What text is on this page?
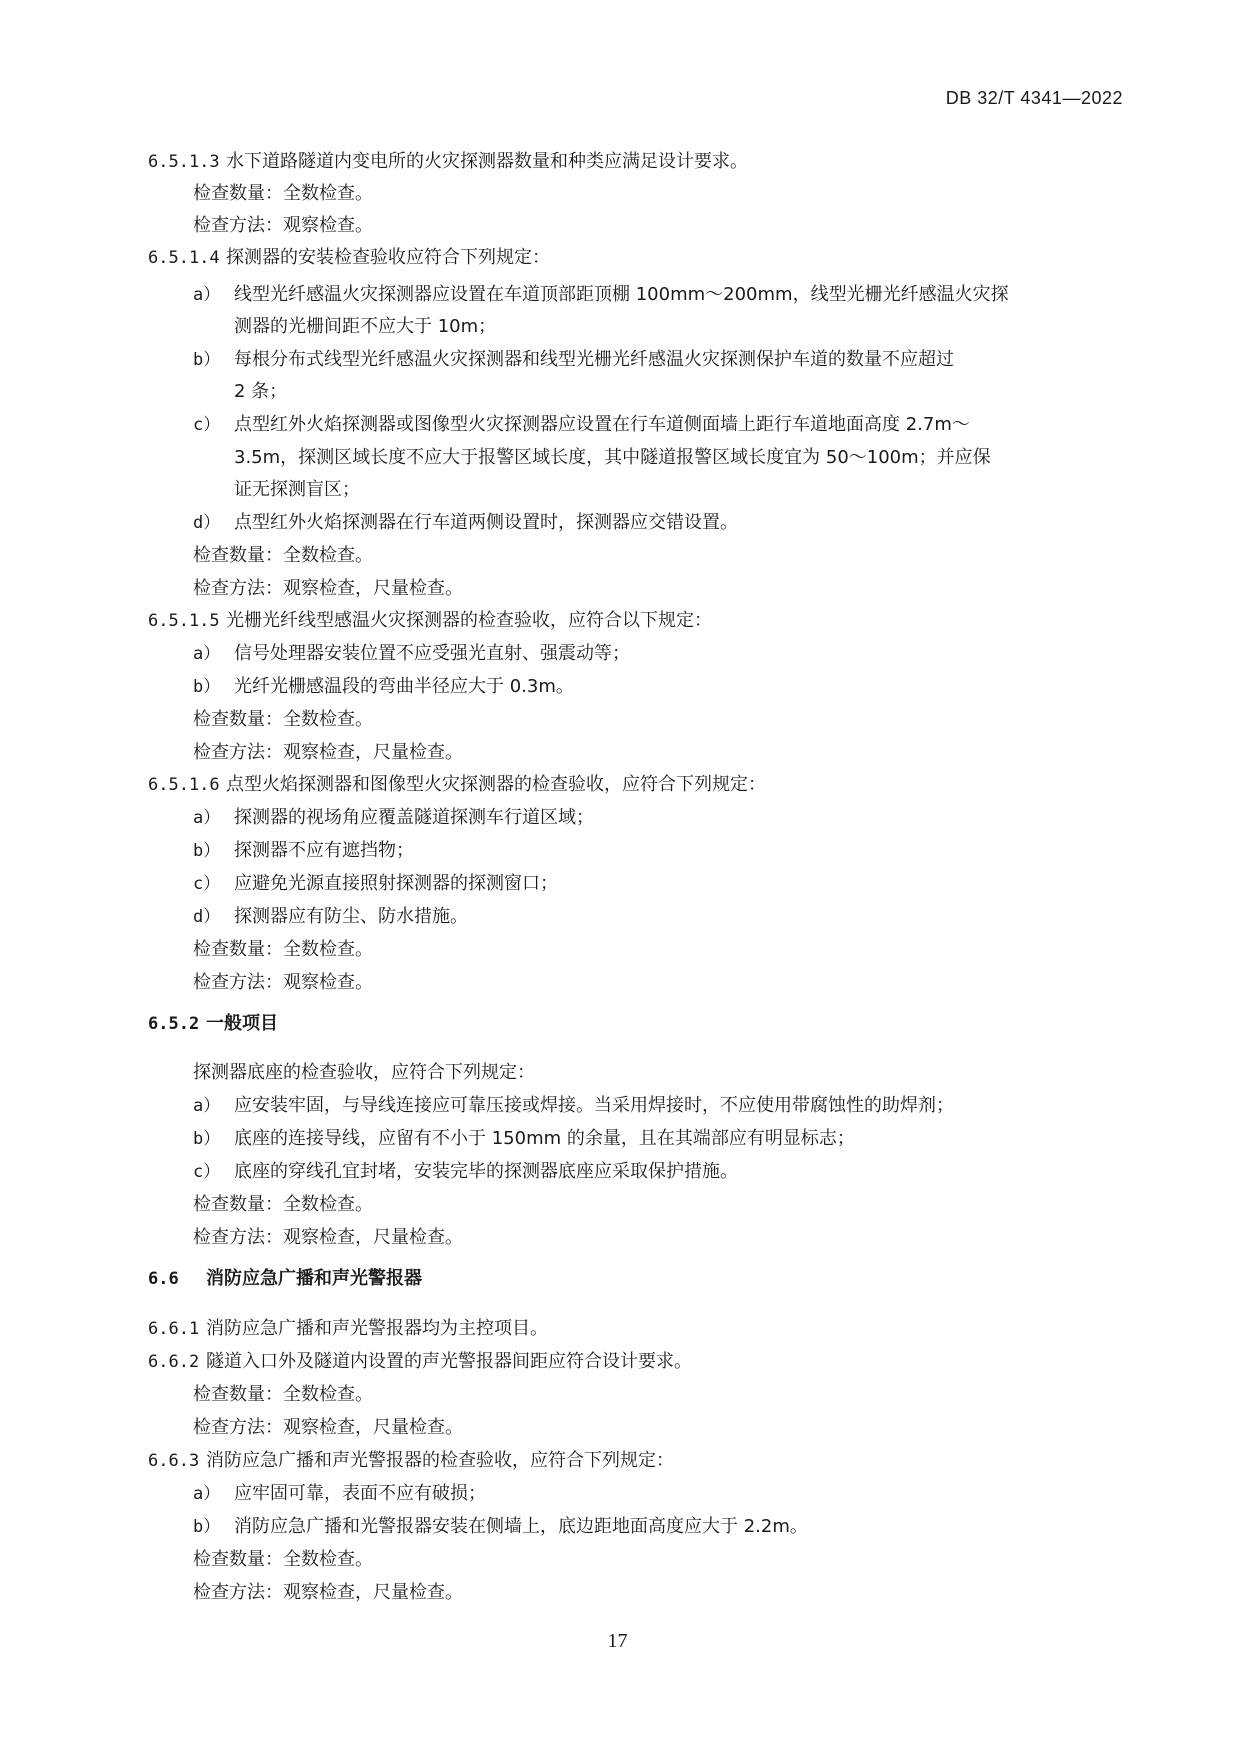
DB 32/T 4341—2022
6.5.1.3 水下道路隧道内变电所的火灾探测器数量和种类应满足设计要求。
检查数量：全数检查。
检查方法：观察检查。
6.5.1.4 探测器的安装检查验收应符合下列规定：
a） 线型光纤感温火灾探测器应设置在车道顶部距顶棚 100mm～200mm，线型光栅光纤感温火灾探
测器的光栅间距不应大于 10m；
b） 每根分布式线型光纤感温火灾探测器和线型光栅光纤感温火灾探测保护车道的数量不应超过
2 条；
c） 点型红外火焰探测器或图像型火灾探测器应设置在行车道侧面墙上距行车道地面高度 2.7m～
3.5m，探测区域长度不应大于报警区域长度，其中隧道报警区域长度宜为 50～100m；并应保
证无探测盲区；
d） 点型红外火焰探测器在行车道两侧设置时，探测器应交错设置。
检查数量：全数检查。
检查方法：观察检查，尺量检查。
6.5.1.5 光栅光纤线型感温火灾探测器的检查验收，应符合以下规定：
a） 信号处理器安装位置不应受强光直射、强震动等；
b） 光纤光栅感温段的弯曲半径应大于 0.3m。
检查数量：全数检查。
检查方法：观察检查，尺量检查。
6.5.1.6 点型火焰探测器和图像型火灾探测器的检查验收，应符合下列规定：
a） 探测器的视场角应覆盖隧道探测车行道区域；
b） 探测器不应有遮挡物；
c） 应避免光源直接照射探测器的探测窗口；
d） 探测器应有防尘、防水措施。
检查数量：全数检查。
检查方法：观察检查。
6.5.2 一般项目
探测器底座的检查验收，应符合下列规定：
a） 应安装牢固，与导线连接应可靠压接或焊接。当采用焊接时，不应使用带腐蚀性的助焊剂；
b） 底座的连接导线，应留有不小于 150mm 的余量，且在其端部应有明显标志；
c） 底座的穿线孔宜封堵，安装完毕的探测器底座应采取保护措施。
检查数量：全数检查。
检查方法：观察检查，尺量检查。
6.6 消防应急广播和声光警报器
6.6.1 消防应急广播和声光警报器均为主控项目。
6.6.2 隧道入口外及隧道内设置的声光警报器间距应符合设计要求。
检查数量：全数检查。
检查方法：观察检查，尺量检查。
6.6.3 消防应急广播和声光警报器的检查验收，应符合下列规定：
a） 应牢固可靠，表面不应有破损；
b） 消防应急广播和光警报器安装在侧墙上，底边距地面高度应大于 2.2m。
检查数量：全数检查。
检查方法：观察检查，尺量检查。
17
